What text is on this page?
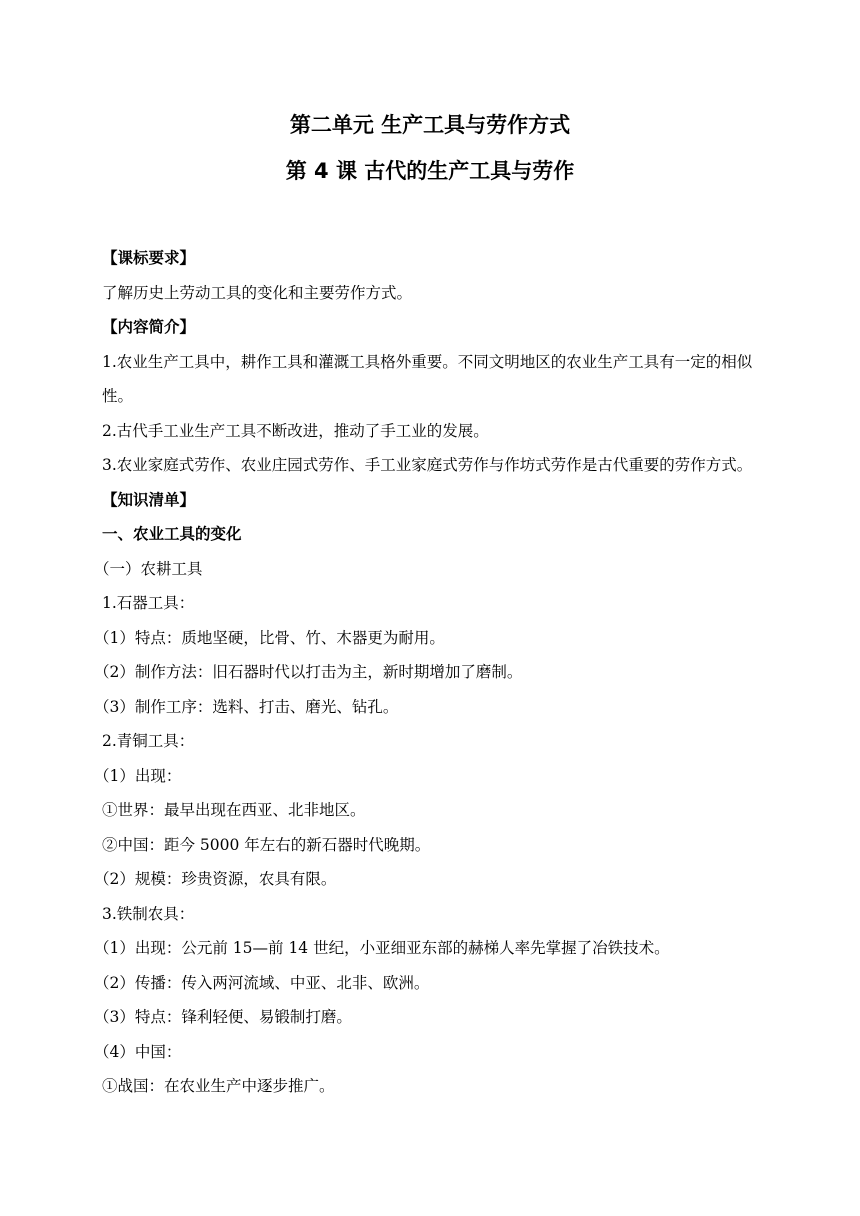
第二单元 生产工具与劳作方式
第 4 课 古代的生产工具与劳作

【课标要求】

了解历史上劳动工具的变化和主要劳作方式。

【内容简介】

1.农业生产工具中，耕作工具和灌溉工具格外重要。不同文明地区的农业生产工具有一定的相似性。

2.古代手工业生产工具不断改进，推动了手工业的发展。

3.农业家庭式劳作、农业庄园式劳作、手工业家庭式劳作与作坊式劳作是古代重要的劳作方式。

【知识清单】

一、农业工具的变化

（一）农耕工具

1.石器工具：

（1）特点：质地坚硬，比骨、竹、木器更为耐用。

（2）制作方法：旧石器时代以打击为主，新时期增加了磨制。

（3）制作工序：选料、打击、磨光、钻孔。

2.青铜工具：

（1）出现：

①世界：最早出现在西亚、北非地区。

②中国：距今 5000 年左右的新石器时代晚期。

（2）规模：珍贵资源，农具有限。

3.铁制农具：

（1）出现：公元前 15—前 14 世纪，小亚细亚东部的赫梯人率先掌握了冶铁技术。

（2）传播：传入两河流域、中亚、北非、欧洲。

（3）特点：锋利轻便、易锻制打磨。

（4）中国：

①战国：在农业生产中逐步推广。
